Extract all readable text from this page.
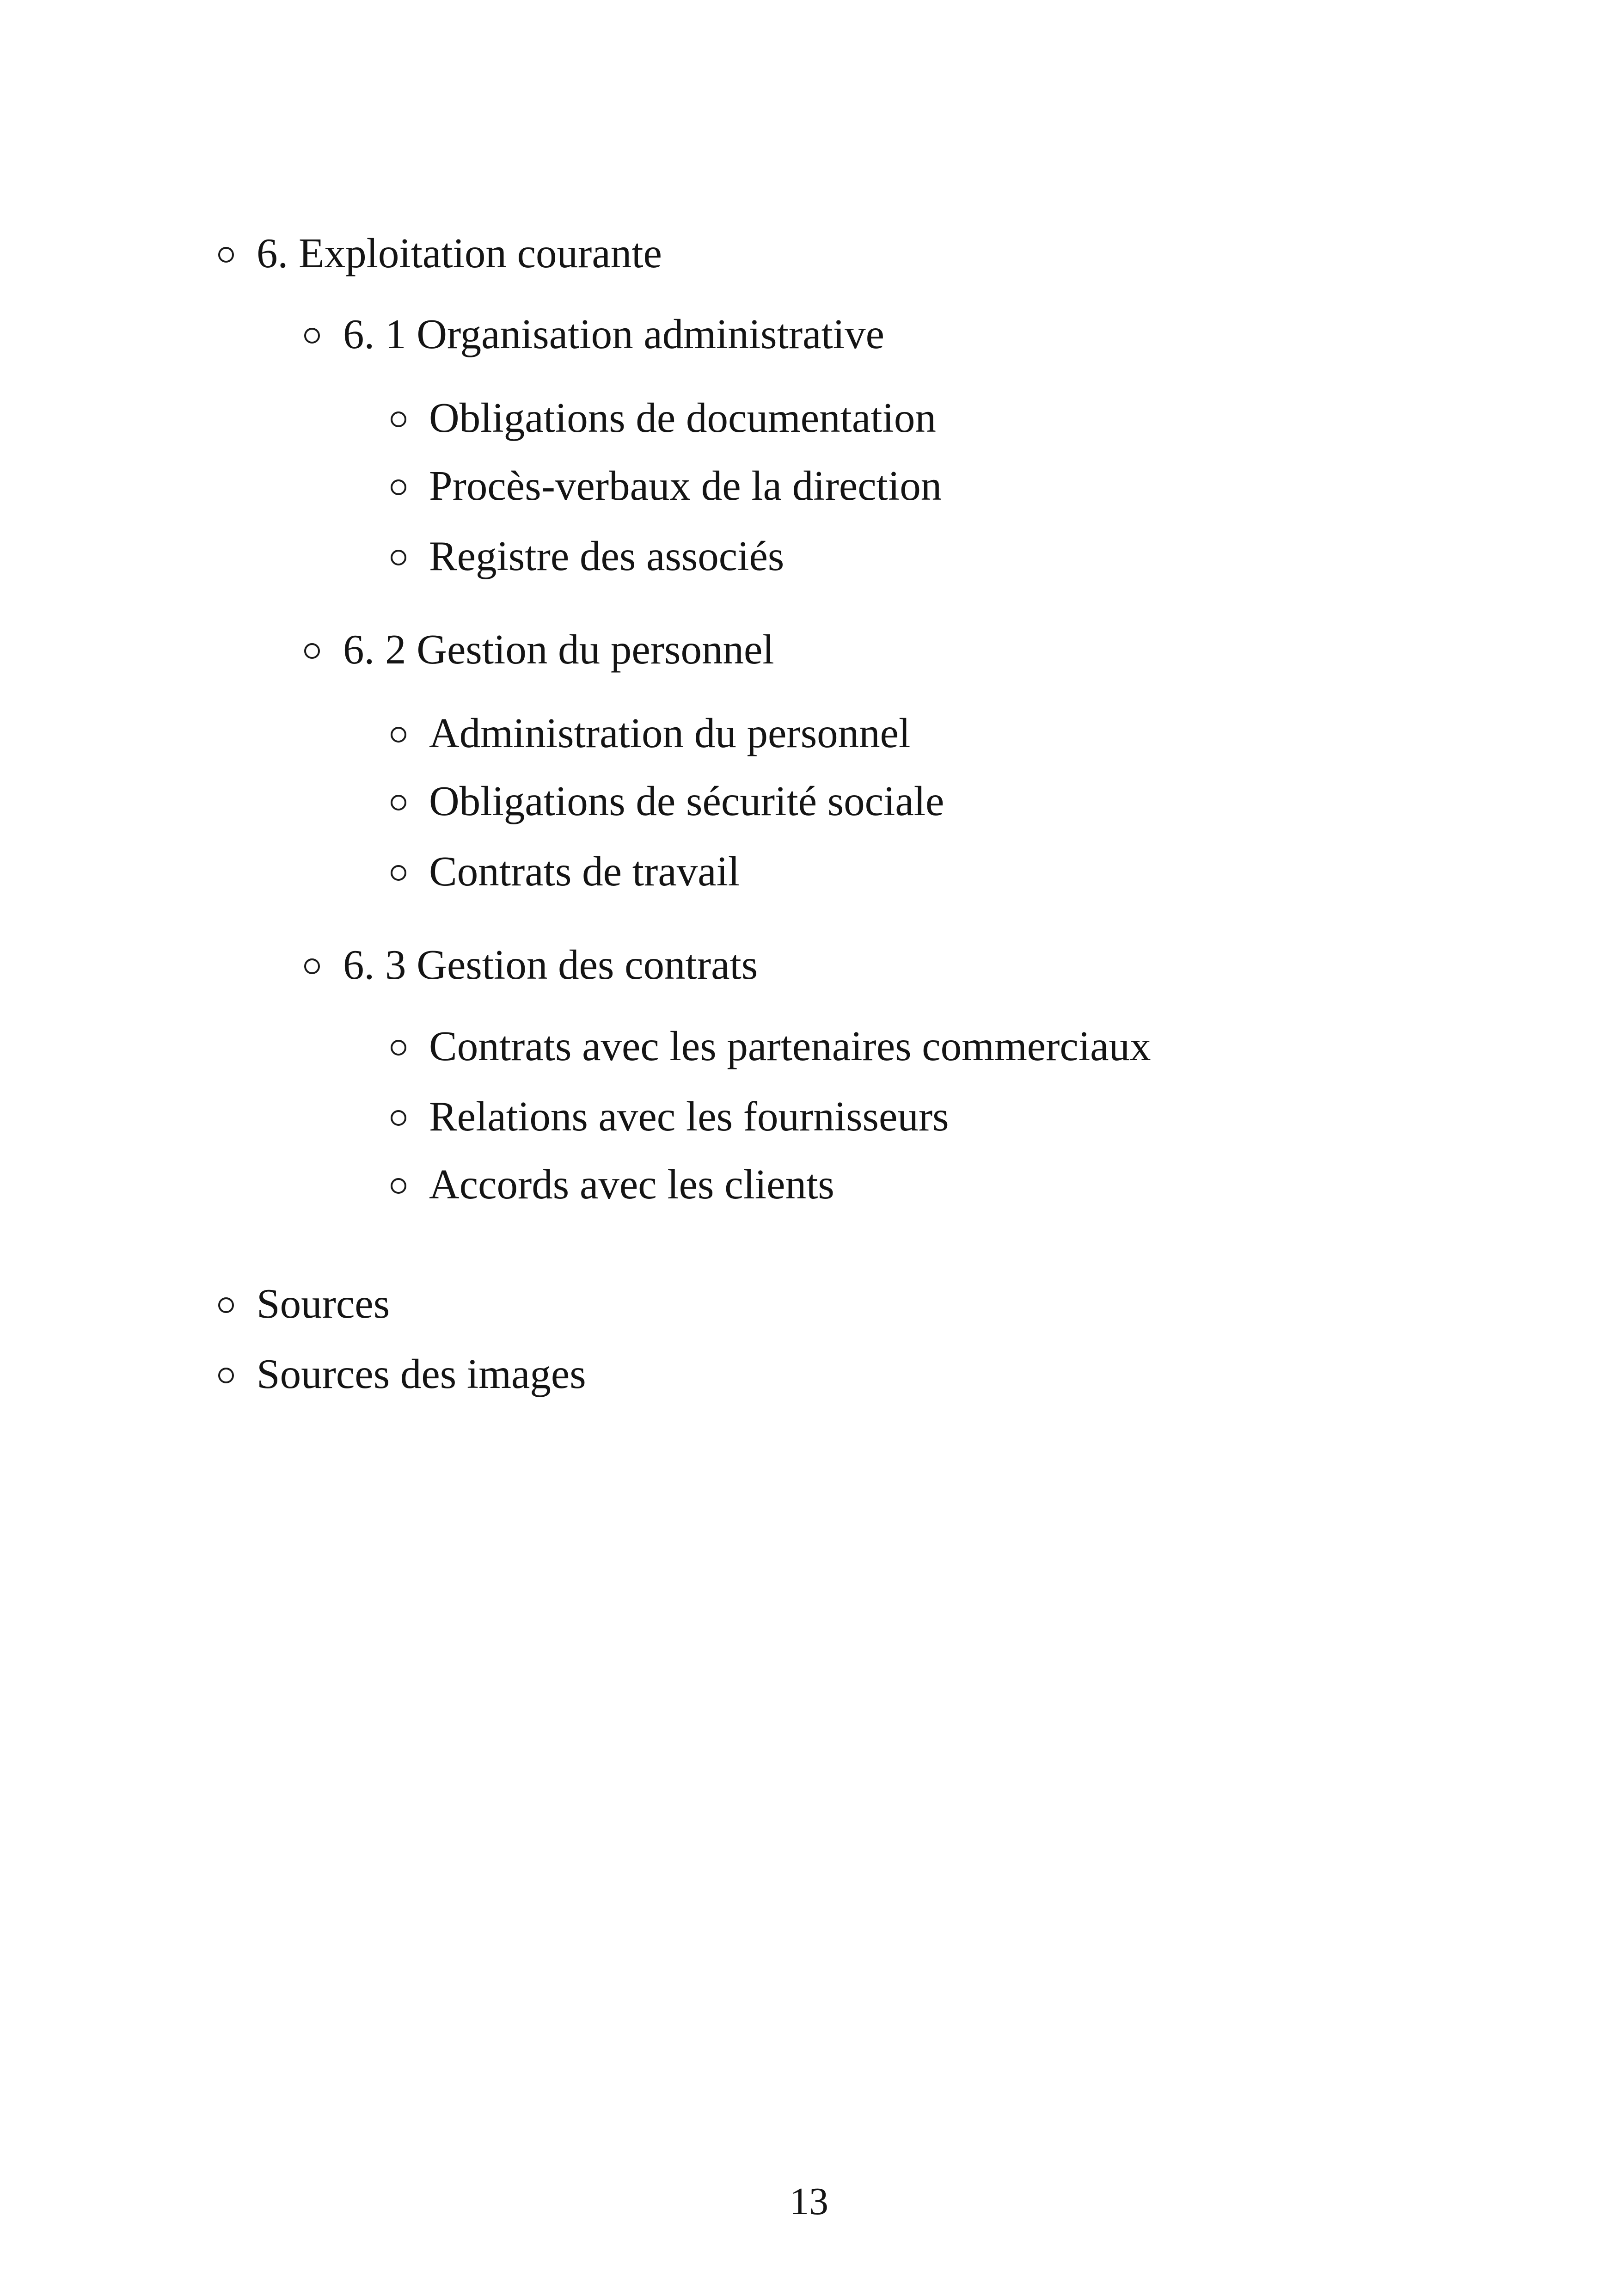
6. Exploitation courante
6. 1 Organisation administrative
Obligations de documentation
Procès-verbaux de la direction
Registre des associés
6. 2 Gestion du personnel
Administration du personnel
Obligations de sécurité sociale
Contrats de travail
6. 3 Gestion des contrats
Contrats avec les partenaires commerciaux
Relations avec les fournisseurs
Accords avec les clients
Sources
Sources des images
13
